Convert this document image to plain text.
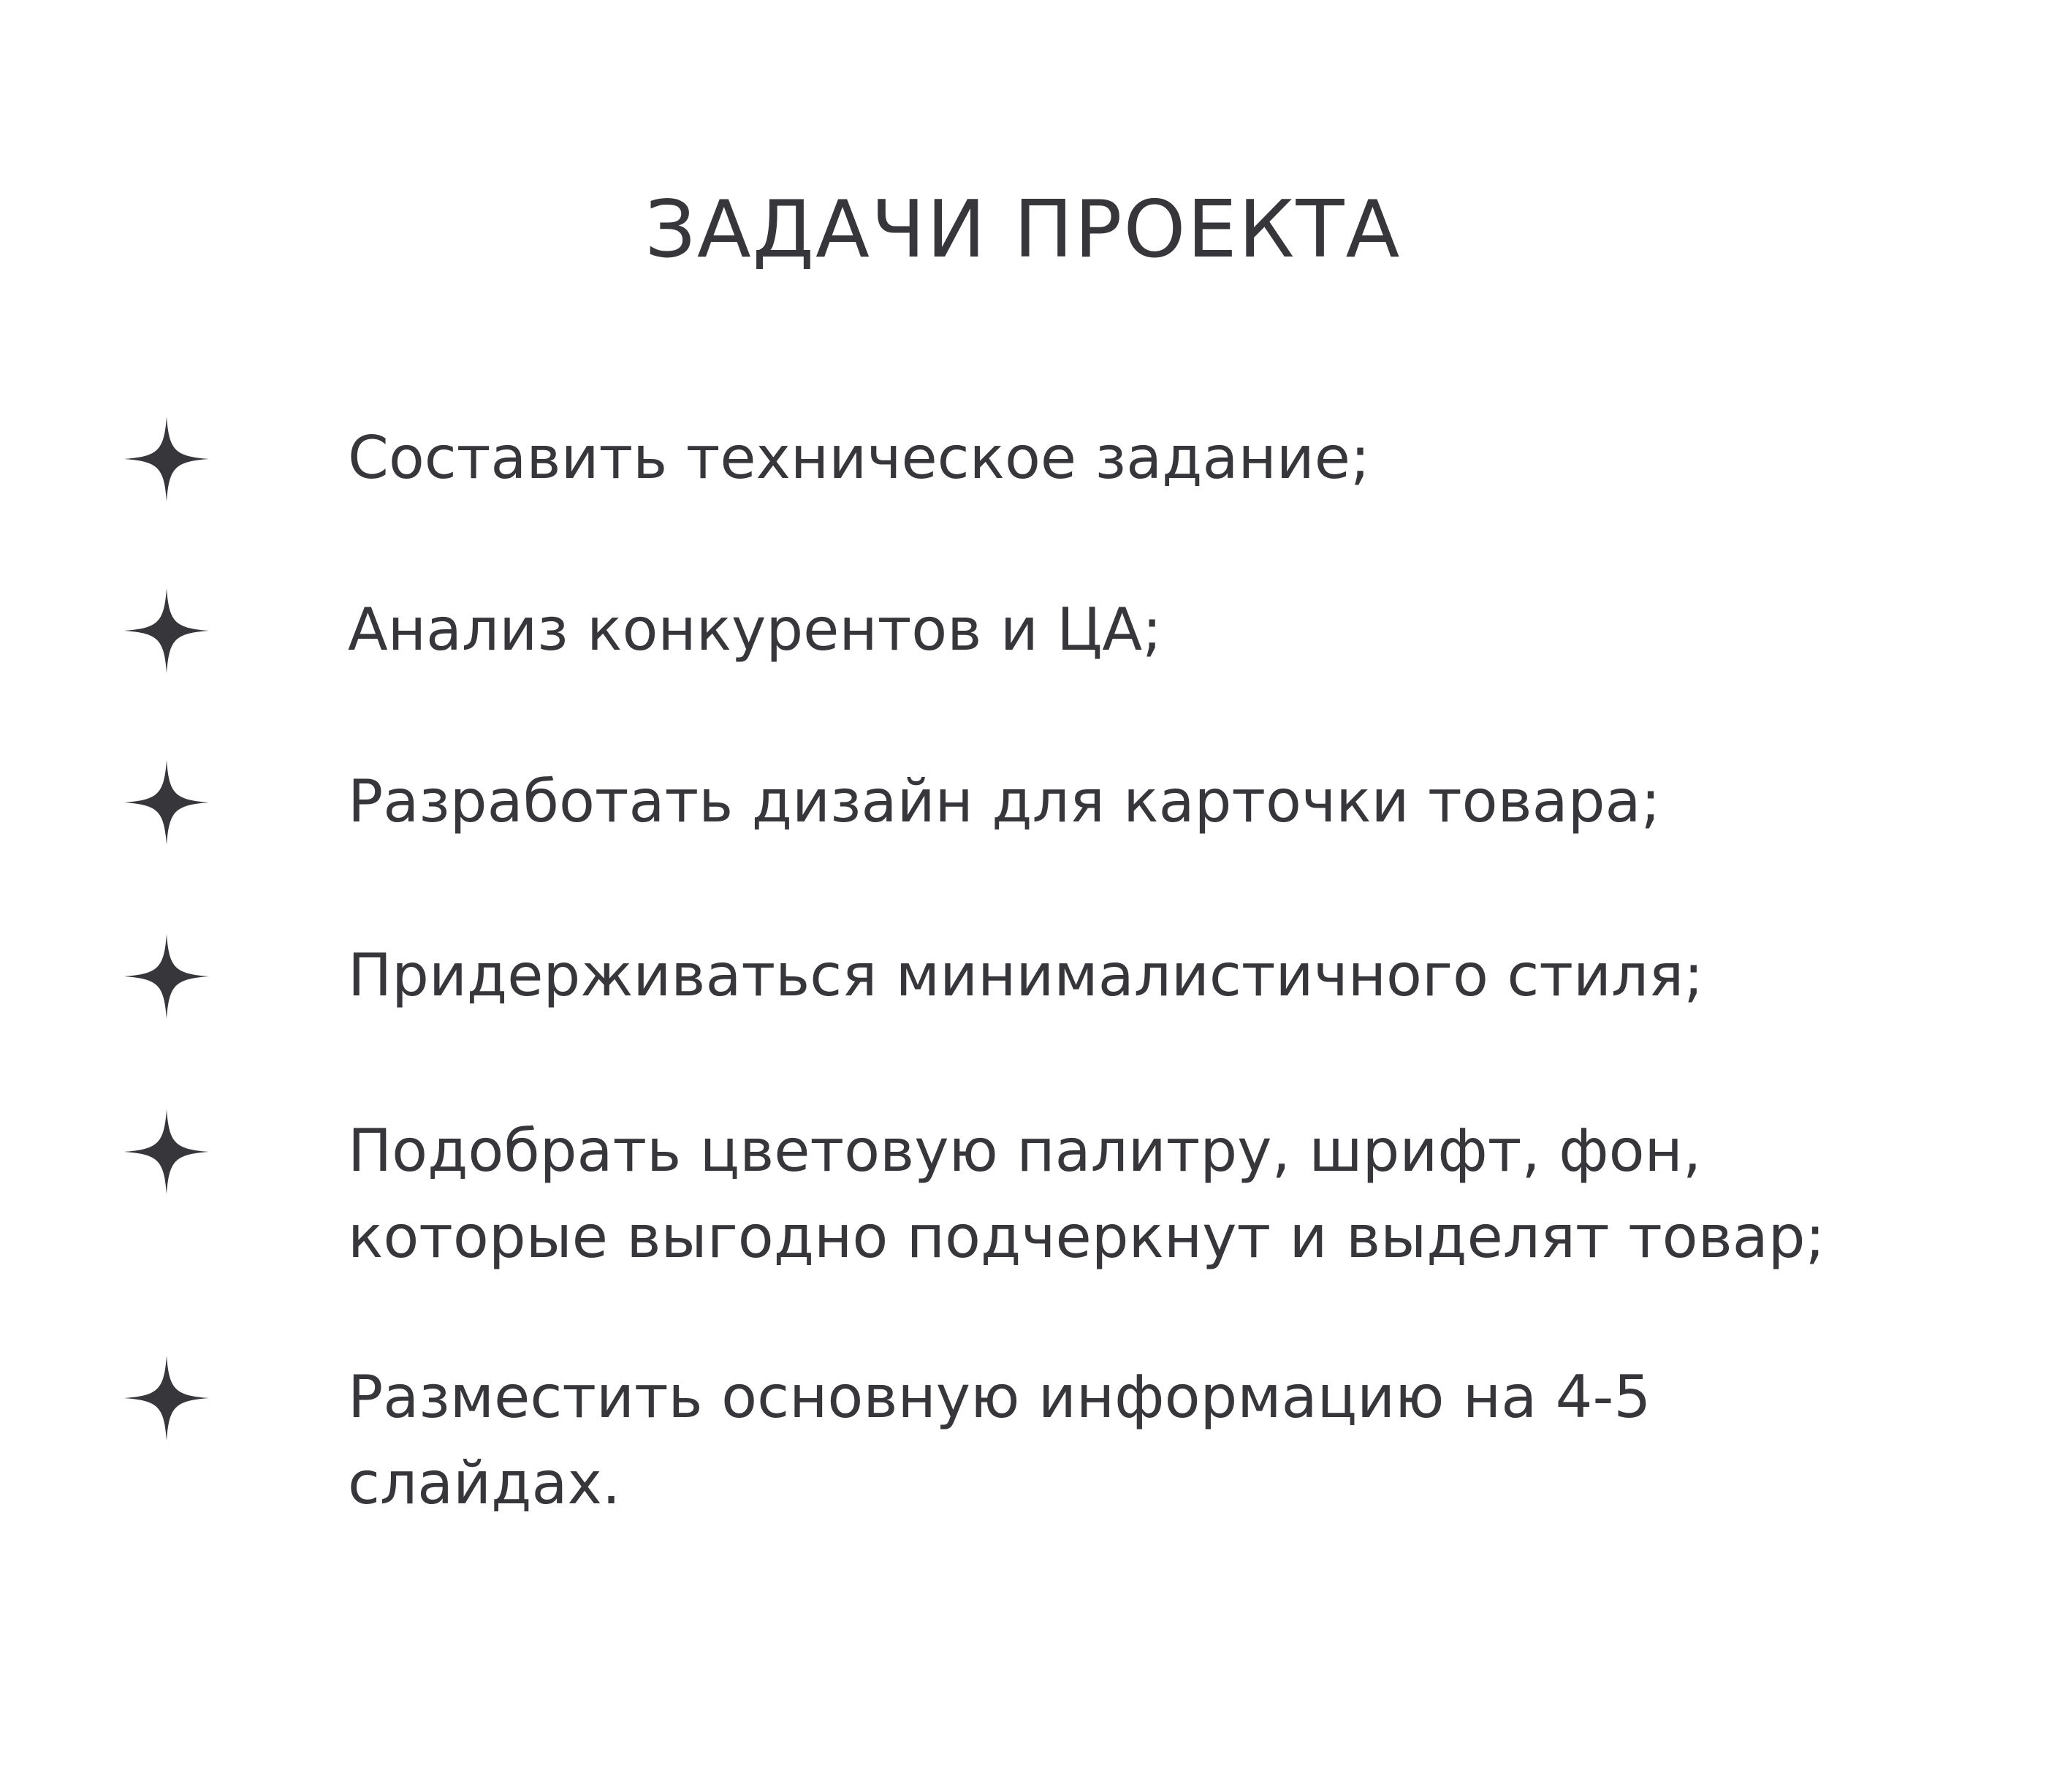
ЗАДАЧИ ПРОЕКТА
Составить техническое задание;
Анализ конкурентов и ЦА;
Разработать дизайн для карточки товара;
Придерживаться минималистичного стиля;
Подобрать цветовую палитру, шрифт, фон,
которые выгодно подчеркнут и выделят товар;
Разместить основную информацию на 4-5
слайдах.
